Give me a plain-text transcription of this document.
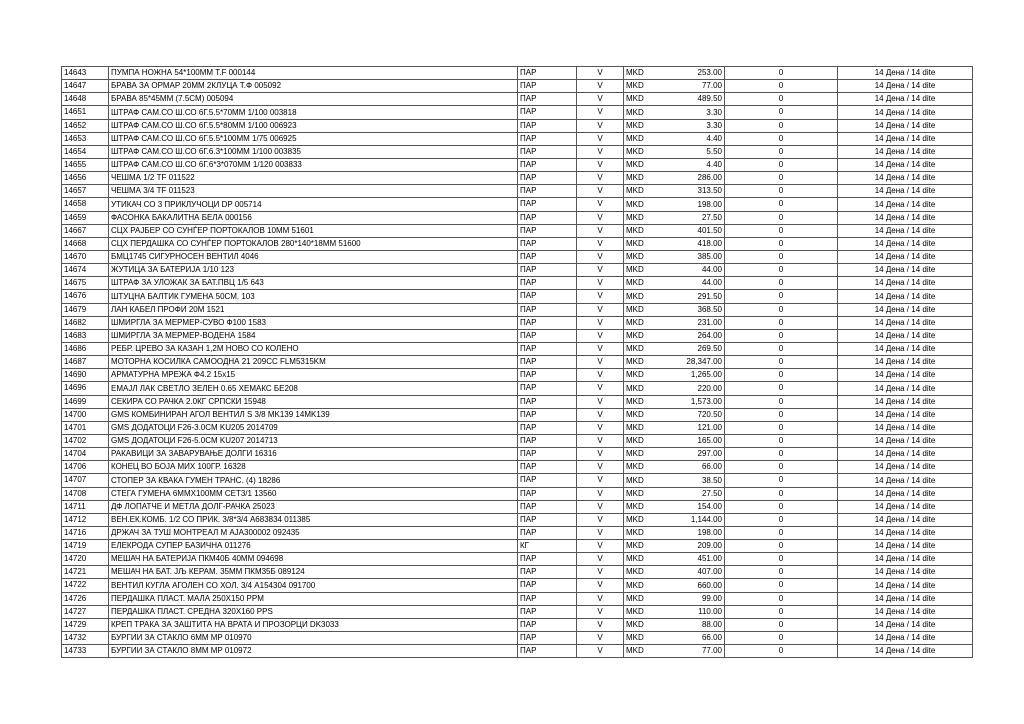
14643	ПУМПА НОЖНА 54*100ММ T.F 000144	ПАР	V	MKD	253.00	0	14 Дена / 14 dite
14647	БРАВА ЗА ОРМАР 20ММ 2КЛУЦА T.Ф 005092	ПАР	V	MKD	77.00	0	14 Дена / 14 dite
14648	БРАВА 85*45ММ (7.5CM) 005094	ПАР	V	MKD	489.50	0	14 Дена / 14 dite
14651	ШТРАФ САМ.СО Ш.СО 6Г.5.5*70ММ 1/100 003818	ПАР	V	MKD	3.30	0	14 Дена / 14 dite
14652	ШТРАФ САМ.СО Ш.СО 6Г.5.5*80ММ 1/100 006923	ПАР	V	MKD	3.30	0	14 Дена / 14 dite
14653	ШТРАФ САМ.СО Ш.СО 6Г.5.5*100ММ 1/75 006925	ПАР	V	MKD	4.40	0	14 Дена / 14 dite
14654	ШТРАФ САМ.СО Ш.СО 6Г.6.3*100ММ 1/100 003835	ПАР	V	MKD	5.50	0	14 Дена / 14 dite
14655	ШТРАФ САМ.СО Ш.СО 6Г.6*3*070ММ 1/120 003833	ПАР	V	MKD	4.40	0	14 Дена / 14 dite
14656	ЧЕШМА 1/2 TF 011522	ПАР	V	MKD	286.00	0	14 Дена / 14 dite
14657	ЧЕШМА 3/4 TF 011523	ПАР	V	MKD	313.50	0	14 Дена / 14 dite
14658	УТИКАЧ СО 3 ПРИКЛУЧОЦИ DP 005714	ПАР	V	MKD	198.00	0	14 Дена / 14 dite
14659	ФАСОНКА БАКАЛИТНА БЕЛА 000156	ПАР	V	MKD	27.50	0	14 Дена / 14 dite
14667	СЦХ РАЈБЕР СО СУНЃЕР ПОРТОКАЛОВ 10ММ 51601	ПАР	V	MKD	401.50	0	14 Дена / 14 dite
14668	СЦХ ПЕРДАШКА СО СУНЃЕР ПОРТОКАЛОВ 280*140*18ММ 51600	ПАР	V	MKD	418.00	0	14 Дена / 14 dite
14670	БМЦ1745 СИГУРНОСЕН ВЕНТИЛ 4046	ПАР	V	MKD	385.00	0	14 Дена / 14 dite
14674	ЖУТИЦА ЗА БАТЕРИЈА 1/10 123	ПАР	V	MKD	44.00	0	14 Дена / 14 dite
14675	ШТРАФ ЗА УЛОЖАК ЗА БАТ.ПВЦ 1/5 643	ПАР	V	MKD	44.00	0	14 Дена / 14 dite
14676	ШТУЦНА БАЛТИК ГУМЕНА 50СМ. 103	ПАР	V	MKD	291.50	0	14 Дена / 14 dite
14679	ЛАН КАБЕЛ ПРОФИ 20М 1521	ПАР	V	MKD	368.50	0	14 Дена / 14 dite
14682	ШМИРГЛА ЗА МЕРМЕР-СУВО Ф100 1583	ПАР	V	MKD	231.00	0	14 Дена / 14 dite
14683	ШМИРГЛА ЗА МЕРМЕР-ВОДЕНА 1584	ПАР	V	MKD	264.00	0	14 Дена / 14 dite
14686	РЕБР. ЦРЕВО ЗА КАЗАН 1,2М НОВО СО КОЛЕНО	ПАР	V	MKD	269.50	0	14 Дена / 14 dite
14687	МОТОРНА КОСИЛКА САМООДНА 21 209CC FLM5315KM	ПАР	V	MKD	28,347.00	0	14 Дена / 14 dite
14690	АРМАТУРНА МРЕЖА Ф4.2 15x15	ПАР	V	MKD	1,265.00	0	14 Дена / 14 dite
14696	ЕМАЈЛ ЛАК СВЕТЛО ЗЕЛЕН 0.65 ХЕМАКС БЕ208	ПАР	V	MKD	220.00	0	14 Дена / 14 dite
14699	СЕКИРА СО РАЧКА 2.0КГ СРПСКИ 15948	ПАР	V	MKD	1,573.00	0	14 Дена / 14 dite
14700	GMS КОМБИНИРАН АГОЛ ВЕНТИЛ S 3/8 MK139 14MK139	ПАР	V	MKD	720.50	0	14 Дена / 14 dite
14701	GMS ДОДАТОЦИ F26-3.0CM KU205 2014709	ПАР	V	MKD	121.00	0	14 Дена / 14 dite
14702	GMS ДОДАТОЦИ F26-5.0CM KU207 2014713	ПАР	V	MKD	165.00	0	14 Дена / 14 dite
14704	РАКАВИЦИ ЗА ЗАВАРУВАЊЕ ДОЛГИ 16316	ПАР	V	MKD	297.00	0	14 Дена / 14 dite
14706	КОНЕЦ ВО БОЈА МИХ 100ГР. 16328	ПАР	V	MKD	66.00	0	14 Дена / 14 dite
14707	СТОПЕР ЗА КВАКА ГУМЕН ТРАНС. (4) 18286	ПАР	V	MKD	38.50	0	14 Дена / 14 dite
14708	СТЕГА ГУМЕНА 6ММХ100ММ СЕТ3/1 13560	ПАР	V	MKD	27.50	0	14 Дена / 14 dite
14711	ДФ ЛОПАТЧЕ И МЕТЛА ДОЛГ-РАЧКА 25023	ПАР	V	MKD	154.00	0	14 Дена / 14 dite
14712	ВЕН.ЕК.КОМБ. 1/2 СО ПРИК. 3/8*3/4 A683834 011385	ПАР	V	MKD	1,144.00	0	14 Дена / 14 dite
14716	ДРЖАЧ ЗА ТУШ МОНТРЕАЛ М AJA300002 092435	ПАР	V	MKD	198.00	0	14 Дена / 14 dite
14719	ЕЛЕКРОДА СУПЕР БАЗИЧНА 011276	КГ	V	MKD	209.00	0	14 Дена / 14 dite
14720	МЕШАЧ НА БАТЕРИЈА ПКМ40Б 40ММ 094698	ПАР	V	MKD	451.00	0	14 Дена / 14 dite
14721	МЕШАЧ НА БАТ. ЈЉ КЕРАМ. 35ММ ПКМ35Б 089124	ПАР	V	MKD	407.00	0	14 Дена / 14 dite
14722	ВЕНТИЛ КУГЛА АГОЛЕН СО ХОЛ. 3/4 A154304 091700	ПАР	V	MKD	660.00	0	14 Дена / 14 dite
14726	ПЕРДАШКА ПЛАСТ. МАЛА 250X150 PPM	ПАР	V	MKD	99.00	0	14 Дена / 14 dite
14727	ПЕРДАШКА ПЛАСТ. СРЕДНА 320X160 PPS	ПАР	V	MKD	110.00	0	14 Дена / 14 dite
14729	КРЕП ТРАКА ЗА ЗАШТИТА НА ВРАТА И ПРОЗОРЦИ DK3033	ПАР	V	MKD	88.00	0	14 Дена / 14 dite
14732	БУРГИИ ЗА СТАКЛО 6ММ MP 010970	ПАР	V	MKD	66.00	0	14 Дена / 14 dite
14733	БУРГИИ ЗА СТАКЛО 8ММ MP 010972	ПАР	V	MKD	77.00	0	14 Дена / 14 dite
